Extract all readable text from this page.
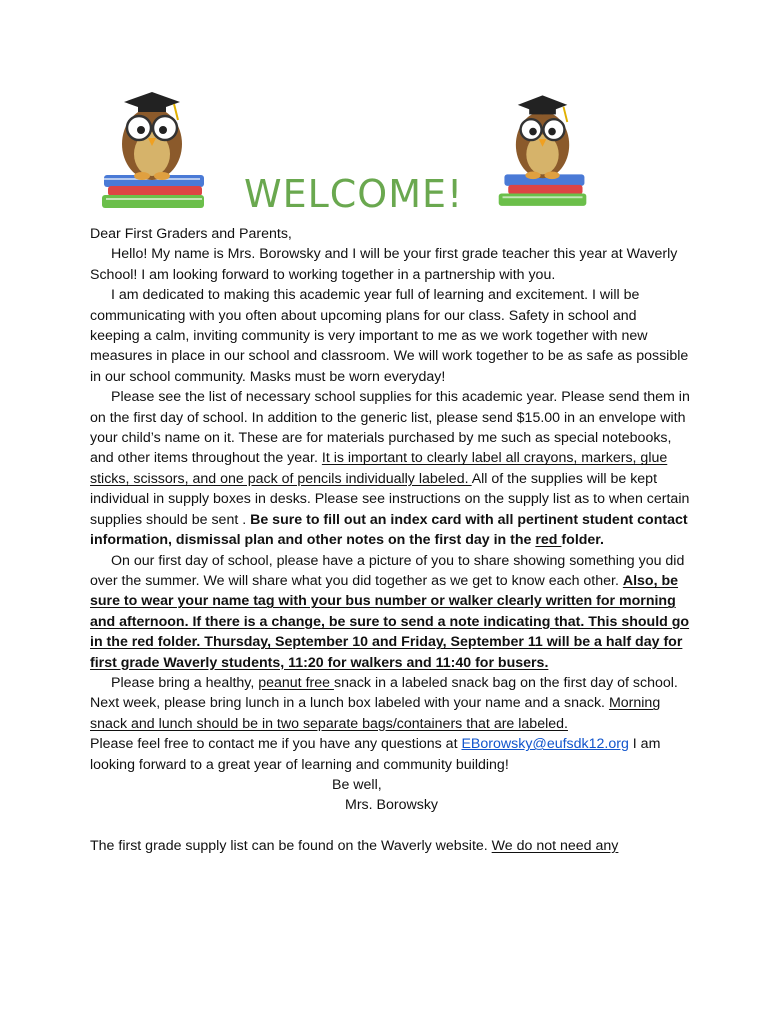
WELCOME!

Dear First Graders and Parents,

Hello! My name is Mrs. Borowsky and I will be your first grade teacher this year at Waverly School! I am looking forward to working together in a partnership with you.

I am dedicated to making this academic year full of learning and excitement. I will be communicating with you often about upcoming plans for our class. Safety in school and keeping a calm, inviting community is very important to me as we work together with new measures in place in our school and classroom. We will work together to be as safe as possible in our school community. Masks must be worn everyday!

Please see the list of necessary school supplies for this academic year. Please send them in on the first day of school. In addition to the generic list, please send $15.00 in an envelope with your child’s name on it. These are for materials purchased by me such as special notebooks, and other items throughout the year. It is important to clearly label all crayons, markers, glue sticks, scissors, and one pack of pencils individually labeled. All of the supplies will be kept individual in supply boxes in desks. Please see instructions on the supply list as to when certain supplies should be sent . Be sure to fill out an index card with all pertinent student contact information, dismissal plan and other notes on the first day in the red folder.

On our first day of school, please have a picture of you to share showing something you did over the summer. We will share what you did together as we get to know each other. Also, be sure to wear your name tag with your bus number or walker clearly written for morning and afternoon. If there is a change, be sure to send a note indicating that. This should go in the red folder. Thursday, September 10 and Friday, September 11 will be a half day for first grade Waverly students, 11:20 for walkers and 11:40 for busers.

Please bring a healthy, peanut free snack in a labeled snack bag on the first day of school. Next week, please bring lunch in a lunch box labeled with your name and a snack. Morning snack and lunch should be in two separate bags/containers that are labeled.

Please feel free to contact me if you have any questions at EBorowsky@eufsdk12.org I am looking forward to a great year of learning and community building!

Be well,

Mrs. Borowsky

The first grade supply list can be found on the Waverly website. We do not need any
